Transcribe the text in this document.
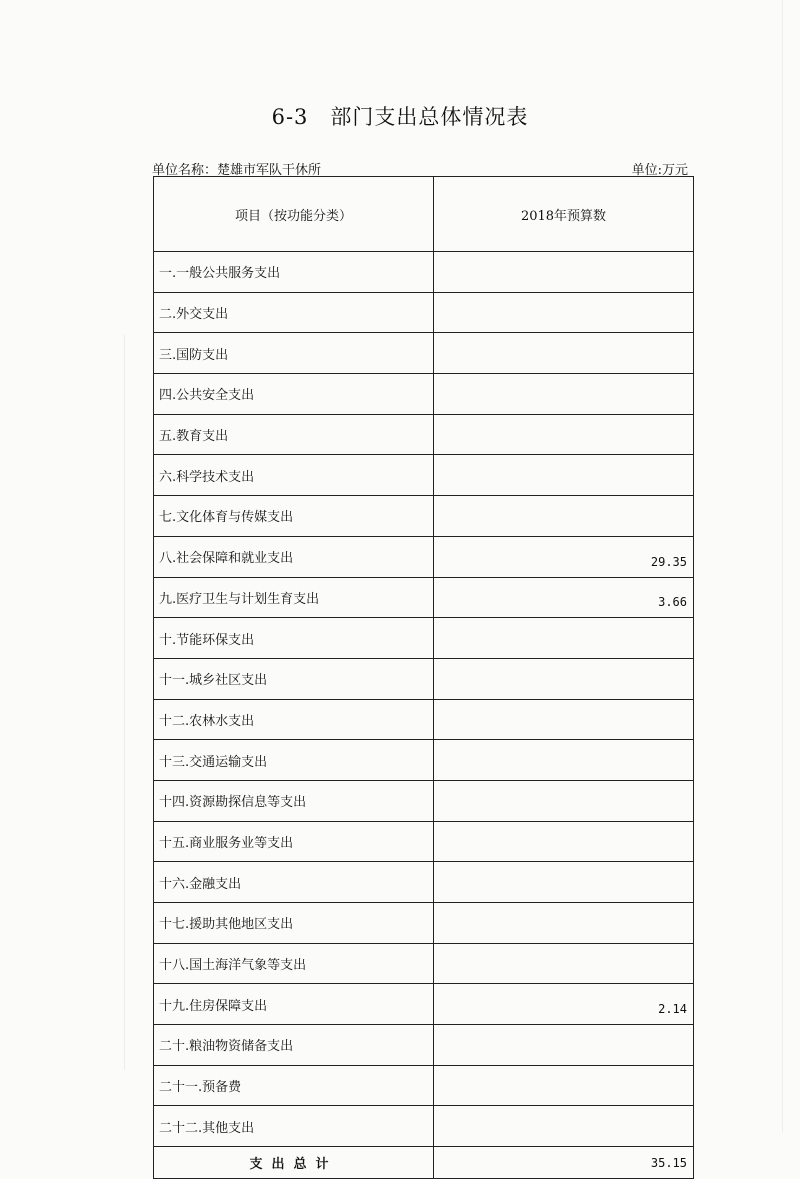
6-3　部门支出总体情况表
单位名称：楚雄市军队干休所	单位:万元
项目（按功能分类）	2018年预算数
一.一般公共服务支出	
二.外交支出	
三.国防支出	
四.公共安全支出	
五.教育支出	
六.科学技术支出	
七.文化体育与传媒支出	
八.社会保障和就业支出	29.35
九.医疗卫生与计划生育支出	3.66
十.节能环保支出	
十一.城乡社区支出	
十二.农林水支出	
十三.交通运输支出	
十四.资源勘探信息等支出	
十五.商业服务业等支出	
十六.金融支出	
十七.援助其他地区支出	
十八.国土海洋气象等支出	
十九.住房保障支出	2.14
二十.粮油物资储备支出	
二十一.预备费	
二十二.其他支出	
支出总计	35.15
